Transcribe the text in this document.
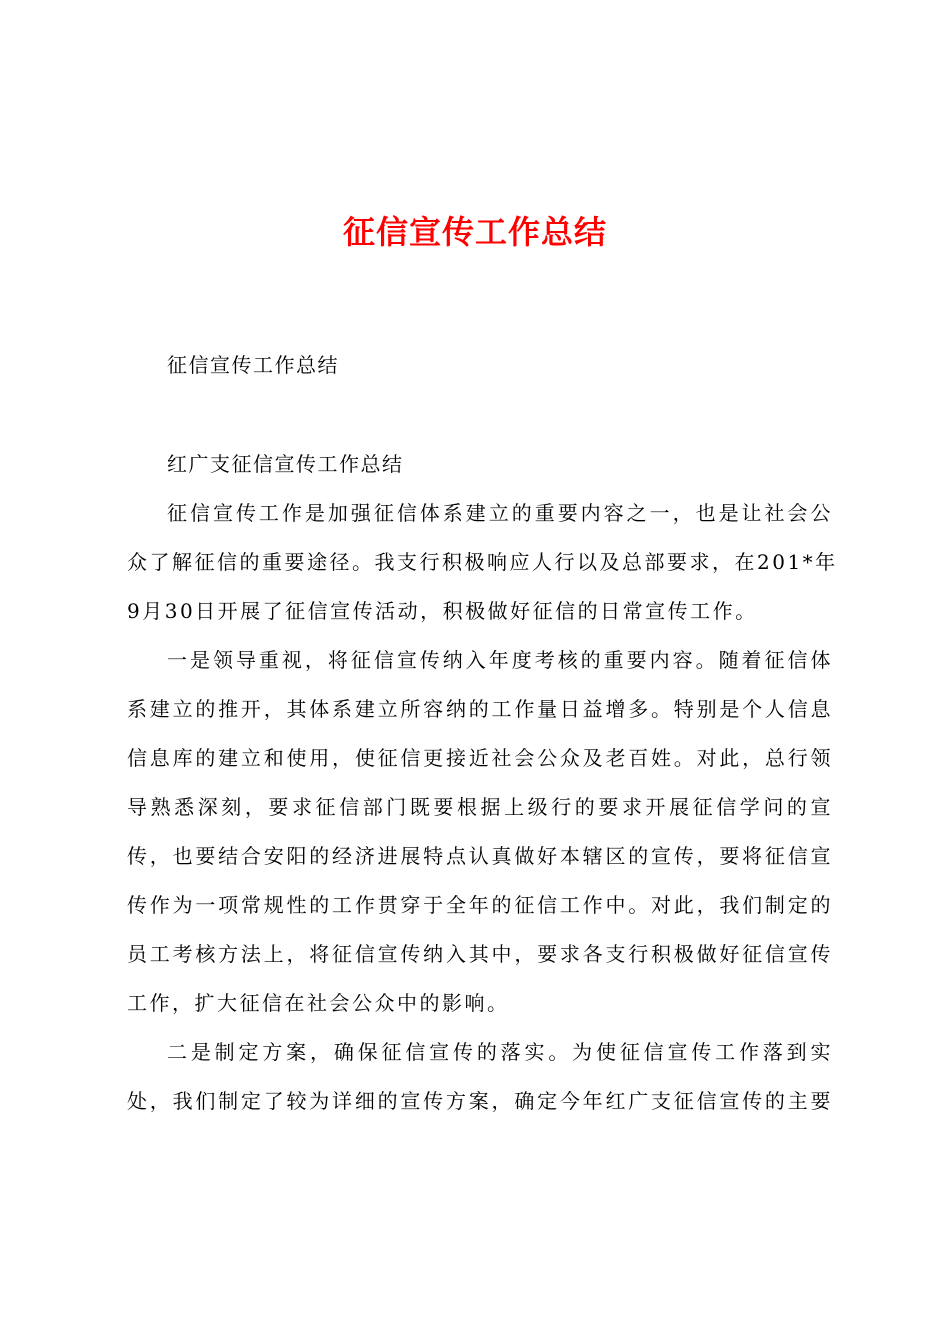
征信宣传工作总结

征信宣传工作总结

红广支征信宣传工作总结

征信宣传工作是加强征信体系建立的重要内容之一，也是让社会公
众了解征信的重要途径。我支行积极响应人行以及总部要求，在201*年
9月30日开展了征信宣传活动，积极做好征信的日常宣传工作。
一是领导重视，将征信宣传纳入年度考核的重要内容。随着征信体
系建立的推开，其体系建立所容纳的工作量日益增多。特别是个人信息
信息库的建立和使用，使征信更接近社会公众及老百姓。对此，总行领
导熟悉深刻，要求征信部门既要根据上级行的要求开展征信学问的宣
传，也要结合安阳的经济进展特点认真做好本辖区的宣传，要将征信宣
传作为一项常规性的工作贯穿于全年的征信工作中。对此，我们制定的
员工考核方法上，将征信宣传纳入其中，要求各支行积极做好征信宣传
工作，扩大征信在社会公众中的影响。
二是制定方案，确保征信宣传的落实。为使征信宣传工作落到实
处，我们制定了较为详细的宣传方案，确定今年红广支征信宣传的主要
